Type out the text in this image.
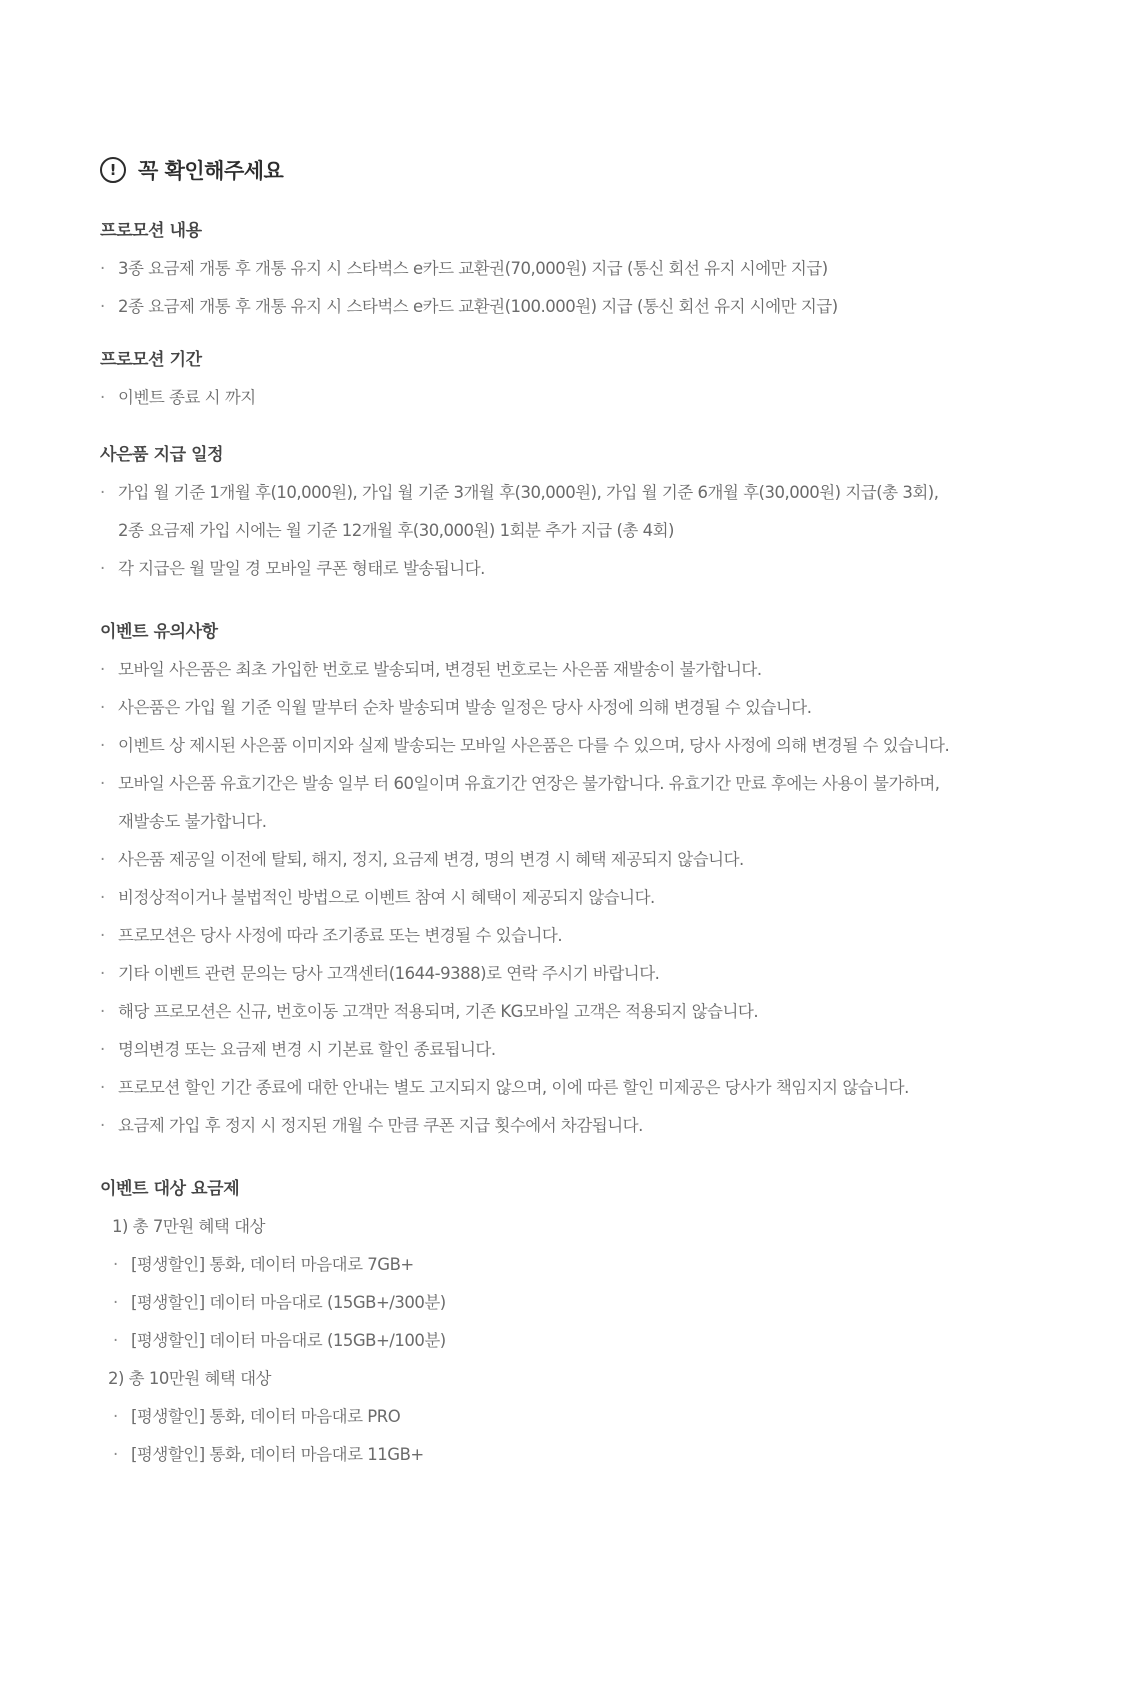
!	꼭 확인해주세요
프로모션 내용
· 3종 요금제 개통 후 개통 유지 시 스타벅스 e카드 교환권(70,000원) 지급 (통신 회선 유지 시에만 지급)
· 2종 요금제 개통 후 개통 유지 시 스타벅스 e카드 교환권(100.000원) 지급 (통신 회선 유지 시에만 지급)
프로모션 기간
· 이벤트 종료 시 까지
사은품 지급 일정
· 가입 월 기준 1개월 후(10,000원), 가입 월 기준 3개월 후(30,000원), 가입 월 기준 6개월 후(30,000원) 지급(총 3회),
2종 요금제 가입 시에는 월 기준 12개월 후(30,000원) 1회분 추가 지급 (총 4회)
· 각 지급은 월 말일 경 모바일 쿠폰 형태로 발송됩니다.
이벤트 유의사항
· 모바일 사은품은 최초 가입한 번호로 발송되며, 변경된 번호로는 사은품 재발송이 불가합니다.
· 사은품은 가입 월 기준 익월 말부터 순차 발송되며 발송 일정은 당사 사정에 의해 변경될 수 있습니다.
· 이벤트 상 제시된 사은품 이미지와 실제 발송되는 모바일 사은품은 다를 수 있으며, 당사 사정에 의해 변경될 수 있습니다.
· 모바일 사은품 유효기간은 발송 일부 터 60일이며 유효기간 연장은 불가합니다. 유효기간 만료 후에는 사용이 불가하며,
재발송도 불가합니다.
· 사은품 제공일 이전에 탈퇴, 해지, 정지, 요금제 변경, 명의 변경 시 혜택 제공되지 않습니다.
· 비정상적이거나 불법적인 방법으로 이벤트 참여 시 혜택이 제공되지 않습니다.
· 프로모션은 당사 사정에 따라 조기종료 또는 변경될 수 있습니다.
· 기타 이벤트 관련 문의는 당사 고객센터(1644-9388)로 연락 주시기 바랍니다.
· 해당 프로모션은 신규, 번호이동 고객만 적용되며, 기존 KG모바일 고객은 적용되지 않습니다.
· 명의변경 또는 요금제 변경 시 기본료 할인 종료됩니다.
· 프로모션 할인 기간 종료에 대한 안내는 별도 고지되지 않으며, 이에 따른 할인 미제공은 당사가 책임지지 않습니다.
· 요금제 가입 후 정지 시 정지된 개월 수 만큼 쿠폰 지급 횟수에서 차감됩니다.
이벤트 대상 요금제
1) 총 7만원 혜택 대상
· [평생할인] 통화, 데이터 마음대로 7GB+
· [평생할인] 데이터 마음대로 (15GB+/300분)
· [평생할인] 데이터 마음대로 (15GB+/100분)
2) 총 10만원 혜택 대상
· [평생할인] 통화, 데이터 마음대로 PRO
· [평생할인] 통화, 데이터 마음대로 11GB+
